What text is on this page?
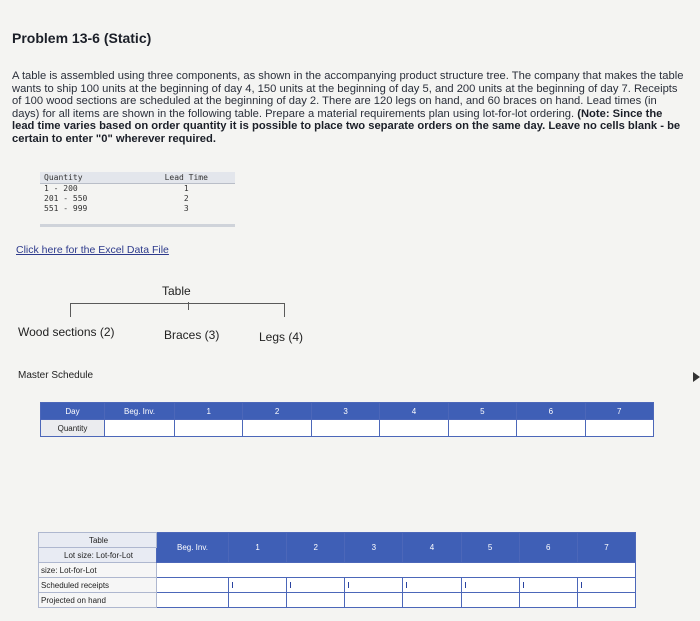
Problem 13-6 (Static)
A table is assembled using three components, as shown in the accompanying product structure tree. The company that makes the table wants to ship 100 units at the beginning of day 4, 150 units at the beginning of day 5, and 200 units at the beginning of day 7. Receipts of 100 wood sections are scheduled at the beginning of day 2. There are 120 legs on hand, and 60 braces on hand. Lead times (in days) for all items are shown in the following table. Prepare a material requirements plan using lot-for-lot ordering. (Note: Since the lead time varies based on order quantity it is possible to place two separate orders on the same day. Leave no cells blank - be certain to enter "0" wherever required.
Quantity	Lead Time
1 - 200	1
201 - 550	2
551 - 999	3
Click here for the Excel Data File
Table
Wood sections (2)	Braces (3)	Legs (4)
Master Schedule
Day	Beg. Inv.	1	2	3	4	5	6	7
Quantity								
Table	Beg. Inv.	1	2	3	4	5	6	7
Lot size: Lot-for-Lot								
size: Lot-for-Lot								
Scheduled receipts								
Projected on hand								
